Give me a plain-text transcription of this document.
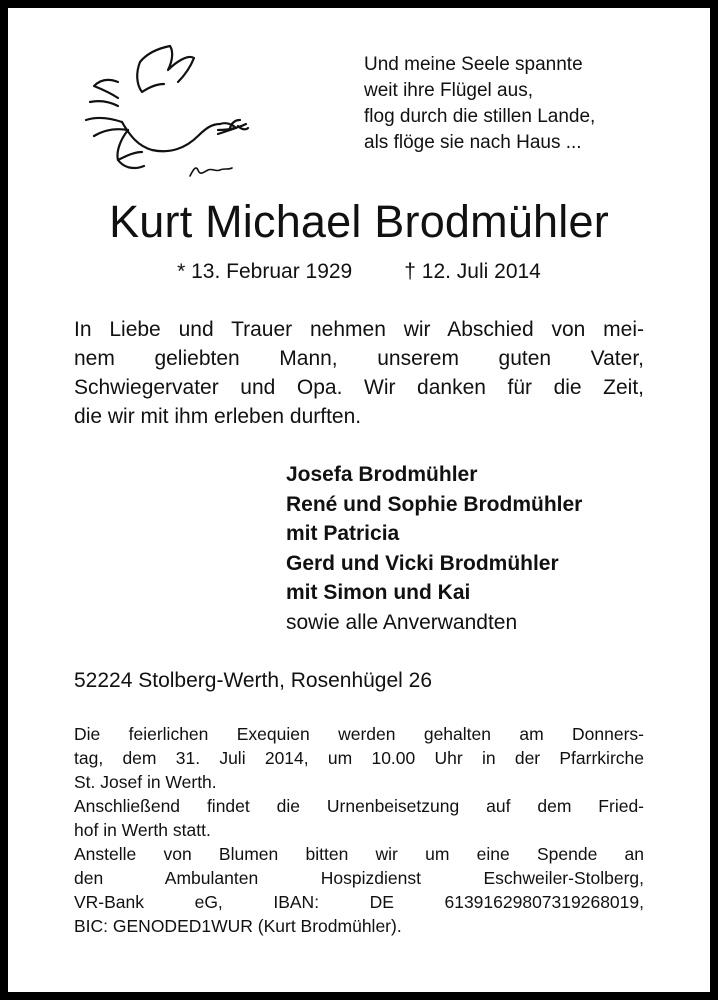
Und meine Seele spannte
weit ihre Flügel aus,
flog durch die stillen Lande,
als flöge sie nach Haus ...
Kurt Michael Brodmühler
* 13. Februar 1929 † 12. Juli 2014
In Liebe und Trauer nehmen wir Abschied von mei-
nem geliebten Mann, unserem guten Vater,
Schwiegervater und Opa. Wir danken für die Zeit,
die wir mit ihm erleben durften.
Josefa Brodmühler
René und Sophie Brodmühler
mit Patricia
Gerd und Vicki Brodmühler
mit Simon und Kai
sowie alle Anverwandten
52224 Stolberg-Werth, Rosenhügel 26
Die feierlichen Exequien werden gehalten am Donners-
tag, dem 31. Juli 2014, um 10.00 Uhr in der Pfarrkirche
St. Josef in Werth.
Anschließend findet die Urnenbeisetzung auf dem Fried-
hof in Werth statt.
Anstelle von Blumen bitten wir um eine Spende an
den Ambulanten Hospizdienst Eschweiler-Stolberg,
VR-Bank eG, IBAN: DE 61391629807319268019,
BIC: GENODED1WUR (Kurt Brodmühler).
